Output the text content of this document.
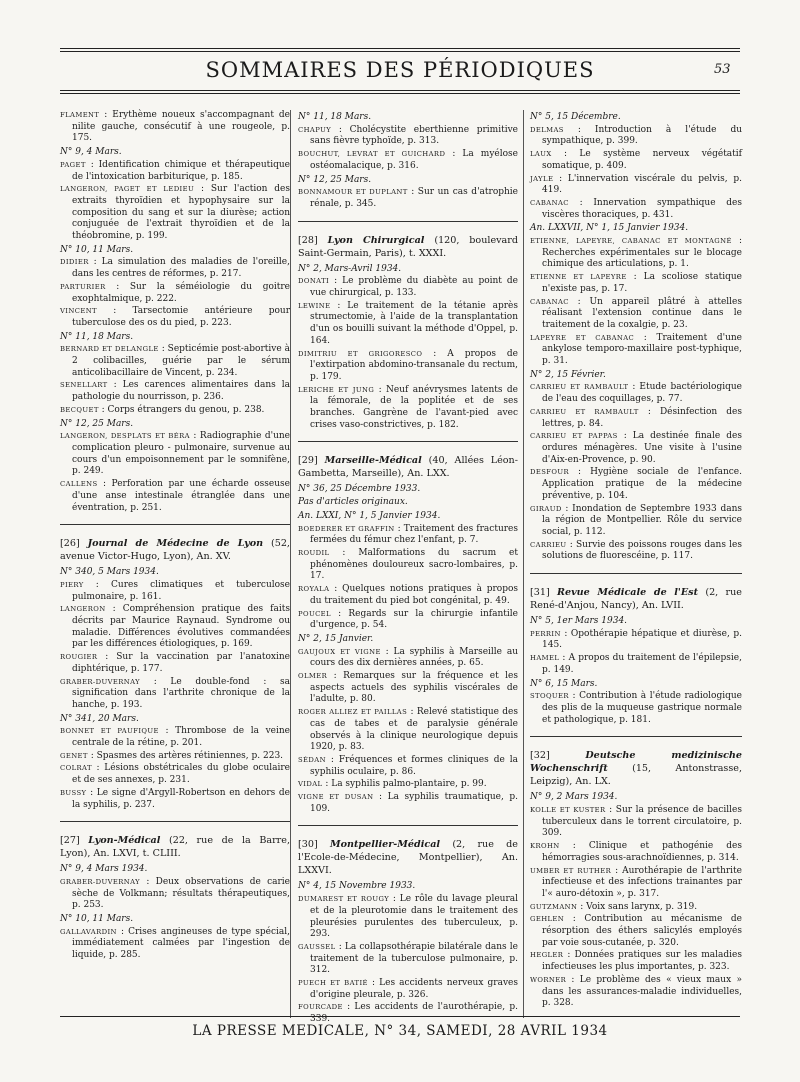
SOMMAIRES DES PÉRIODIQUES	53
FLAMENT : Erythème noueux s'accompagnant de nilite gauche, consécutif à une rougeole, p. 175.
N° 9, 4 Mars.
PAGET : Identification chimique et thérapeutique de l'intoxication barbiturique, p. 185.
LANGERON, PAGET ET LEDIEU : Sur l'action des extraits thyroïdien et hypophysaire sur la composition du sang et sur la diurèse; action conjuguée de l'extrait thyroïdien et de la théobromine, p. 199.
N° 10, 11 Mars.
DIDIER : La simulation des maladies de l'oreille, dans les centres de réformes, p. 217.
PARTURIER : Sur la séméiologie du goitre exophtalmique, p. 222.
VINCENT : Tarsectomie antérieure pour tuberculose des os du pied, p. 223.
N° 11, 18 Mars.
BERNARD ET DELANGLE : Septicémie post-abortive à 2 colibacilles, guérie par le sérum anticolibacillaire de Vincent, p. 234.
SENELLART : Les carences alimentaires dans la pathologie du nourrisson, p. 236.
BECQUET : Corps étrangers du genou, p. 238.
N° 12, 25 Mars.
LANGERON, DESPLATS ET BÉRA : Radiographie d'une complication pleuro - pulmonaire, survenue au cours d'un empoisonnement par le somnifène, p. 249.
CALLENS : Perforation par une écharde osseuse d'une anse intestinale étranglée dans une éventration, p. 251.
[26] Journal de Médecine de Lyon (52, avenue Victor-Hugo, Lyon), An. XV.
N° 340, 5 Mars 1934.
PIERY : Cures climatiques et tuberculose pulmonaire, p. 161.
LANGERON : Compréhension pratique des faits décrits par Maurice Raynaud. Syndrome ou maladie. Différences évolutives commandées par les différences étiologiques, p. 169.
ROUGIER : Sur la vaccination par l'anatoxine diphtérique, p. 177.
GRABER-DUVERNAY : Le double-fond : sa signification dans l'arthrite chronique de la hanche, p. 193.
N° 341, 20 Mars.
BONNET ET PAUFIQUE : Thrombose de la veine centrale de la rétine, p. 201.
GENET : Spasmes des artères rétiniennes, p. 223.
COLRAT : Lésions obstétricales du globe oculaire et de ses annexes, p. 231.
BUSSY : Le signe d'Argyll-Robertson en dehors de la syphilis, p. 237.
[27] Lyon-Médical (22, rue de la Barre, Lyon), An. LXVI, t. CLIII.
N° 9, 4 Mars 1934.
GRABER-DUVERNAY : Deux observations de carie sèche de Volkmann; résultats thérapeutiques, p. 253.
N° 10, 11 Mars.
GALLAVARDIN : Crises angineuses de type spécial, immédiatement calmées par l'ingestion de liquide, p. 285.
N° 11, 18 Mars.
CHAPUY : Cholécystite eberthienne primitive sans fièvre typhoïde, p. 313.
BOUCHUT, LEVRAT ET GUICHARD : La myélose ostéomalacique, p. 316.
N° 12, 25 Mars.
BONNAMOUR ET DUPLANT : Sur un cas d'atrophie rénale, p. 345.
[28] Lyon Chirurgical (120, boulevard Saint-Germain, Paris), t. XXXI.
N° 2, Mars-Avril 1934.
DONATI : Le problème du diabète au point de vue chirurgical, p. 133.
LEWINE : Le traitement de la tétanie après strumectomie, à l'aide de la transplantation d'un os bouilli suivant la méthode d'Oppel, p. 164.
DIMITRIU ET GRIGORESCO : A propos de l'extirpation abdomino-transanale du rectum, p. 179.
LERICHE ET JUNG : Neuf anévrysmes latents de la fémorale, de la poplitée et de ses branches. Gangrène de l'avant-pied avec crises vaso-constrictives, p. 182.
[29] Marseille-Médical (40, Allées Léon-Gambetta, Marseille), An. LXX.
N° 36, 25 Décembre 1933.
Pas d'articles originaux.
An. LXXI, N° 1, 5 Janvier 1934.
BOEDERER ET GRAFFIN : Traitement des fractures fermées du fémur chez l'enfant, p. 7.
ROUDIL : Malformations du sacrum et phénomènes douloureux sacro-lombaires, p. 17.
ROYALA : Quelques notions pratiques à propos du traitement du pied bot congénital, p. 49.
POUCEL : Regards sur la chirurgie infantile d'urgence, p. 54.
N° 2, 15 Janvier.
GAUJOUX ET VIGNE : La syphilis à Marseille au cours des dix dernières années, p. 65.
OLMER : Remarques sur la fréquence et les aspects actuels des syphilis viscérales de l'adulte, p. 80.
ROGER ALLIEZ ET PAILLAS : Relevé statistique des cas de tabes et de paralysie générale observés à la clinique neurologique depuis 1920, p. 83.
SÉDAN : Fréquences et formes cliniques de la syphilis oculaire, p. 86.
VIDAL : La syphilis palmo-plantaire, p. 99.
VIGNE ET DUSAN : La syphilis traumatique, p. 109.
[30] Montpellier-Médical (2, rue de l'Ecole-de-Médecine, Montpellier), An. LXXVI.
N° 4, 15 Novembre 1933.
DUMAREST ET ROUGY : Le rôle du lavage pleural et de la pleurotomie dans le traitement des pleurésies purulentes des tuberculeux, p. 293.
GAUSSEL : La collapsothérapie bilatérale dans le traitement de la tuberculose pulmonaire, p. 312.
PUECH ET BATIÉ : Les accidents nerveux graves d'origine pleurale, p. 326.
FOURCADE : Les accidents de l'aurothérapie, p. 339.
N° 5, 15 Décembre.
DELMAS : Introduction à l'étude du sympathique, p. 399.
LAUX : Le système nerveux végétatif somatique, p. 409.
JAYLE : L'innervation viscérale du pelvis, p. 419.
CABANAC : Innervation sympathique des viscères thoraciques, p. 431.
An. LXXVII, N° 1, 15 Janvier 1934.
ETIENNE, LAPEYRE, CABANAC ET MONTAGNÉ : Recherches expérimentales sur le blocage chimique des articulations, p. 1.
ETIENNE ET LAPEYRE : La scoliose statique n'existe pas, p. 17.
CABANAC : Un appareil plâtré à attelles réalisant l'extension continue dans le traitement de la coxalgie, p. 23.
LAPEYRE ET CABANAC : Traitement d'une ankylose temporo-maxillaire post-typhique, p. 31.
N° 2, 15 Février.
CARRIEU ET RAMBAULT : Etude bactériologique de l'eau des coquillages, p. 77.
CARRIEU ET RAMBAULT : Désinfection des lettres, p. 84.
CARRIEU ET PAPPAS : La destinée finale des ordures ménagères. Une visite à l'usine d'Aix-en-Provence, p. 90.
DESFOUR : Hygiène sociale de l'enfance. Application pratique de la médecine préventive, p. 104.
GIRAUD : Inondation de Septembre 1933 dans la région de Montpellier. Rôle du service social, p. 112.
CARRIEU : Survie des poissons rouges dans les solutions de fluorescéine, p. 117.
[31] Revue Médicale de l'Est (2, rue René-d'Anjou, Nancy), An. LVII.
N° 5, 1er Mars 1934.
PERRIN : Opothérapie hépatique et diurèse, p. 145.
HAMEL : A propos du traitement de l'épilepsie, p. 149.
N° 6, 15 Mars.
STOQUER : Contribution à l'étude radiologique des plis de la muqueuse gastrique normale et pathologique, p. 181.
[32]	Deutsche medizinische Wochenschrift (15, Antonstrasse, Leipzig), An. LX.
N° 9, 2 Mars 1934.
KOLLE ET KUSTER : Sur la présence de bacilles tuberculeux dans le torrent circulatoire, p. 309.
KROHN : Clinique et pathogénie des hémorragies sous-arachnoïdiennes, p. 314.
UMBER ET RUTHER : Aurothérapie de l'arthrite infectieuse et des infections trainantes par l'« auro-détoxin », p. 317.
GUTZMANN : Voix sans larynx, p. 319.
GEHLEN : Contribution au mécanisme de résorption des éthers salicylés employés par voie sous-cutanée, p. 320.
HEGLER : Données pratiques sur les maladies infectieuses les plus importantes, p. 323.
WORNER : Le problème des « vieux maux » dans les assurances-maladie individuelles, p. 328.
LA PRESSE MEDICALE, N° 34, SAMEDI, 28 AVRIL 1934
